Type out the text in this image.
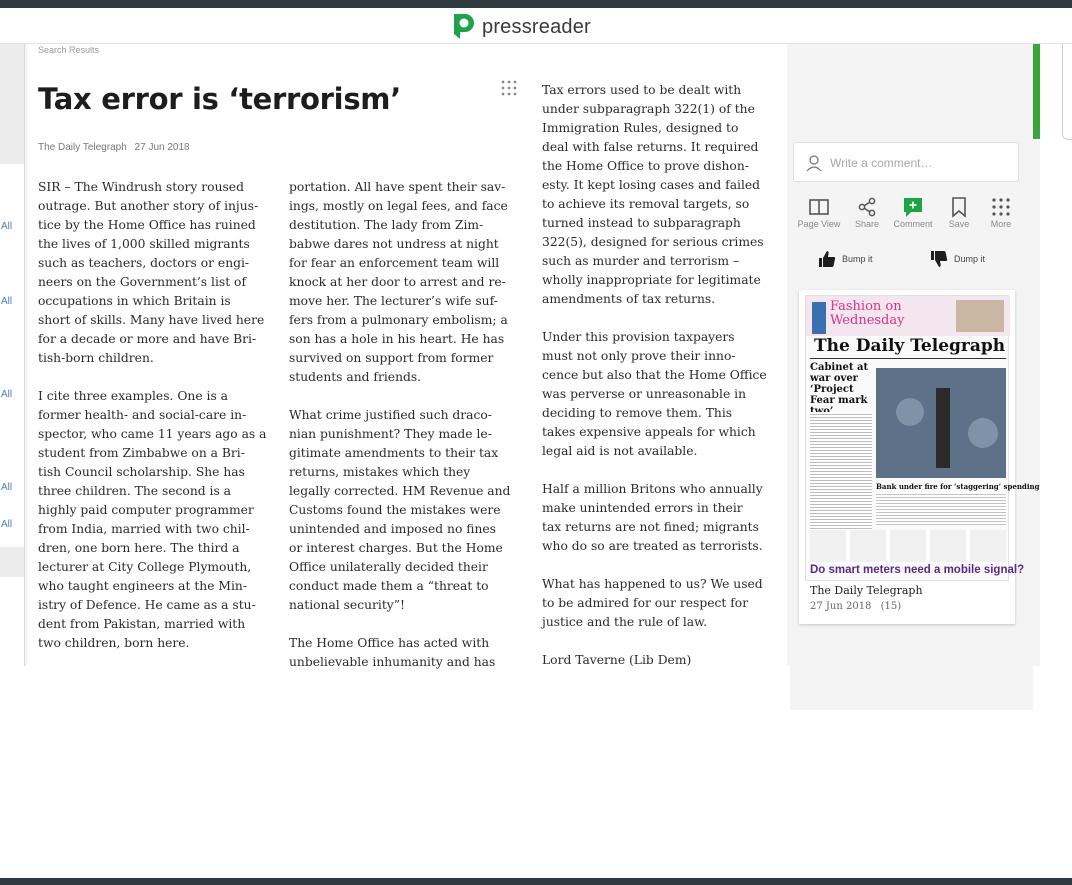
pressreader
All
All
All
All
All
Search Results
Tax error is ‘terrorism’
The Daily Telegraph 27 Jun 2018
SIR – The Windrush story roused
outrage. But another story of injus-
tice by the Home Office has ruined
the lives of 1,000 skilled migrants
such as teachers, doctors or engi-
neers on the Government’s list of
occupations in which Britain is
short of skills. Many have lived here
for a decade or more and have Bri-
tish-born children.
I cite three examples. One is a
former health- and social-care in-
spector, who came 11 years ago as a
student from Zimbabwe on a Bri-
tish Council scholarship. She has
three children. The second is a
highly paid computer programmer
from India, married with two chil-
dren, one born here. The third a
lecturer at City College Plymouth,
who taught engineers at the Min-
istry of Defence. He came as a stu-
dent from Pakistan, married with
two children, born here.
portation. All have spent their sav-
ings, mostly on legal fees, and face
destitution. The lady from Zim-
babwe dares not undress at night
for fear an enforcement team will
knock at her door to arrest and re-
move her. The lecturer’s wife suf-
fers from a pulmonary embolism; a
son has a hole in his heart. He has
survived on support from former
students and friends.
What crime justified such draco-
nian punishment? They made le-
gitimate amendments to their tax
returns, mistakes which they
legally corrected. HM Revenue and
Customs found the mistakes were
unintended and imposed no fines
or interest charges. But the Home
Office unilaterally decided their
conduct made them a “threat to
national security”!
The Home Office has acted with
unbelievable inhumanity and has
Tax errors used to be dealt with
under subparagraph 322(1) of the
Immigration Rules, designed to
deal with false returns. It required
the Home Office to prove dishon-
esty. It kept losing cases and failed
to achieve its removal targets, so
turned instead to subparagraph
322(5), designed for serious crimes
such as murder and terrorism –
wholly inappropriate for legitimate
amendments of tax returns.
Under this provision taxpayers
must not only prove their inno-
cence but also that the Home Office
was perverse or unreasonable in
deciding to remove them. This
takes expensive appeals for which
legal aid is not available.
Half a million Britons who annually
make unintended errors in their
tax returns are not fined; migrants
who do so are treated as terrorists.
What has happened to us? We used
to be admired for our respect for
justice and the rule of law.
Lord Taverne (Lib Dem)
Write a comment…
Page View	Share	Comment	Save	More
Bump it	Dump it
Fashion on Wednesday
The Daily Telegraph
Cabinet at war over ‘Project Fear mark
Bank under fire for ‘staggering’ spending
Do smart meters need a mobile signal?
The Daily Telegraph
27 Jun 2018 (15)
